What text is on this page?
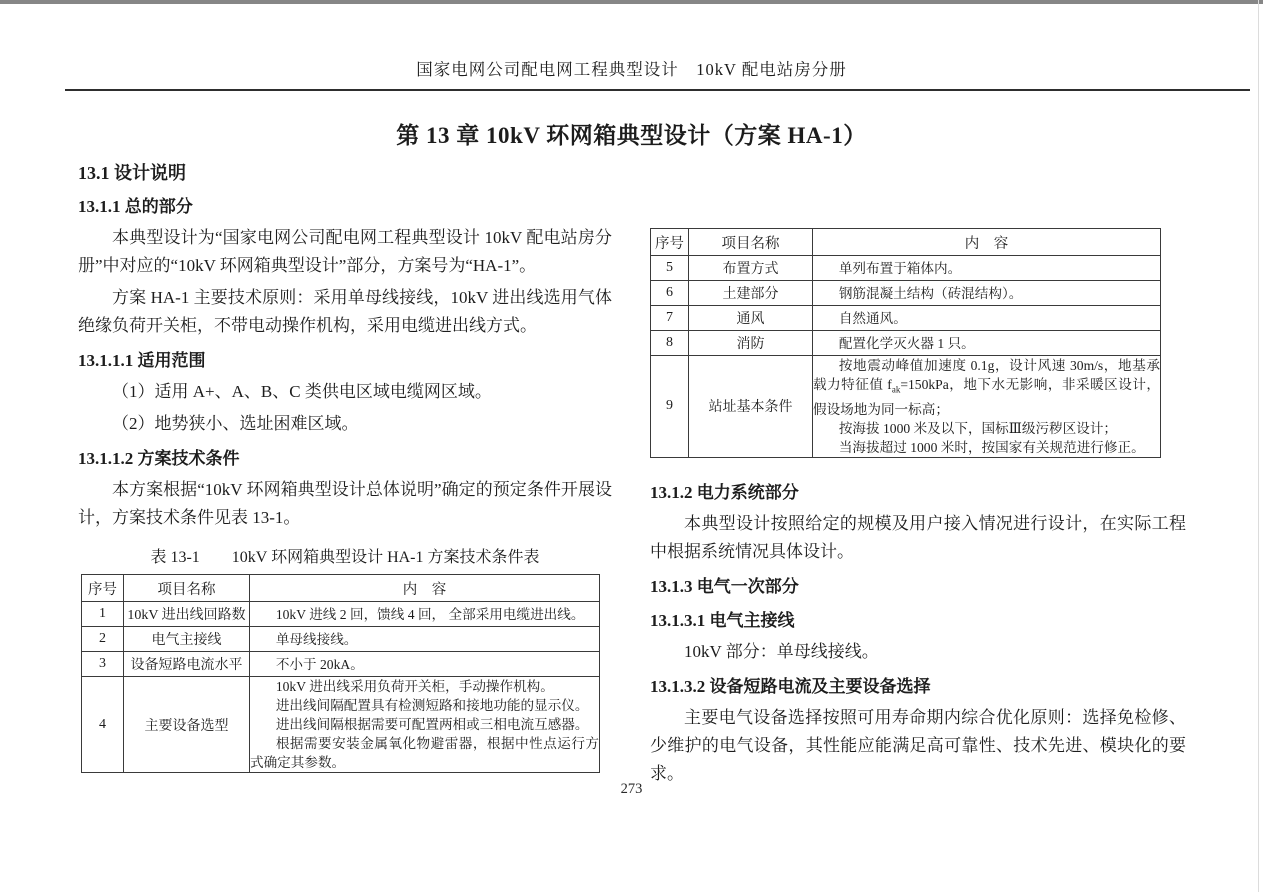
国家电网公司配电网工程典型设计　10kV 配电站房分册
第 13 章 10kV 环网箱典型设计（方案 HA-1）
13.1 设计说明
13.1.1 总的部分

本典型设计为“国家电网公司配电网工程典型设计 10kV 配电站房分册”中对应的“10kV 环网箱典型设计”部分，方案号为“HA-1”。

方案 HA-1 主要技术原则：采用单母线接线，10kV 进出线选用气体绝缘负荷开关柜，不带电动操作机构，采用电缆进出线方式。

13.1.1.1 适用范围

（1）适用 A+、A、B、C 类供电区域电缆网区域。

（2）地势狭小、选址困难区域。

13.1.1.2 方案技术条件

本方案根据“10kV 环网箱典型设计总体说明”确定的预定条件开展设计，方案技术条件见表 13-1。

表 13-1　　10kV 环网箱典型设计 HA-1 方案技术条件表
序号	项目名称	内　容
1	10kV 进出线回路数	10kV 进线 2 回，馈线 4 回， 全部采用电缆进出线。

2	电气主接线	单母线接线。

3	设备短路电流水平	不小于 20kA。

4	主要设备选型	10kV 进出线采用负荷开关柜，手动操作机构。

进出线间隔配置具有检测短路和接地功能的显示仪。

进出线间隔根据需要可配置两相或三相电流互感器。

根据需要安装金属氧化物避雷器，根据中性点运行方式确定其参数。

序号	项目名称	内　容
5	布置方式	单列布置于箱体内。

6	土建部分	钢筋混凝土结构（砖混结构）。

7	通风	自然通风。

8	消防	配置化学灭火器 1 只。

9	站址基本条件	按地震动峰值加速度 0.1g，设计风速 30m/s，地基承载力特征值 $f_{ak}=150kPa$，地下水无影响，非采暖区设计，假设场地为同一标高；

按海拔 1000 米及以下，国标Ⅲ级污秽区设计；

当海拔超过 1000 米时，按国家有关规范进行修正。

13.1.2 电力系统部分

本典型设计按照给定的规模及用户接入情况进行设计，在实际工程中根据系统情况具体设计。

13.1.3 电气一次部分
13.1.3.1 电气主接线

10kV 部分：单母线接线。

13.1.3.2 设备短路电流及主要设备选择

主要电气设备选择按照可用寿命期内综合优化原则：选择免检修、少维护的电气设备，其性能应能满足高可靠性、技术先进、模块化的要求。

273
